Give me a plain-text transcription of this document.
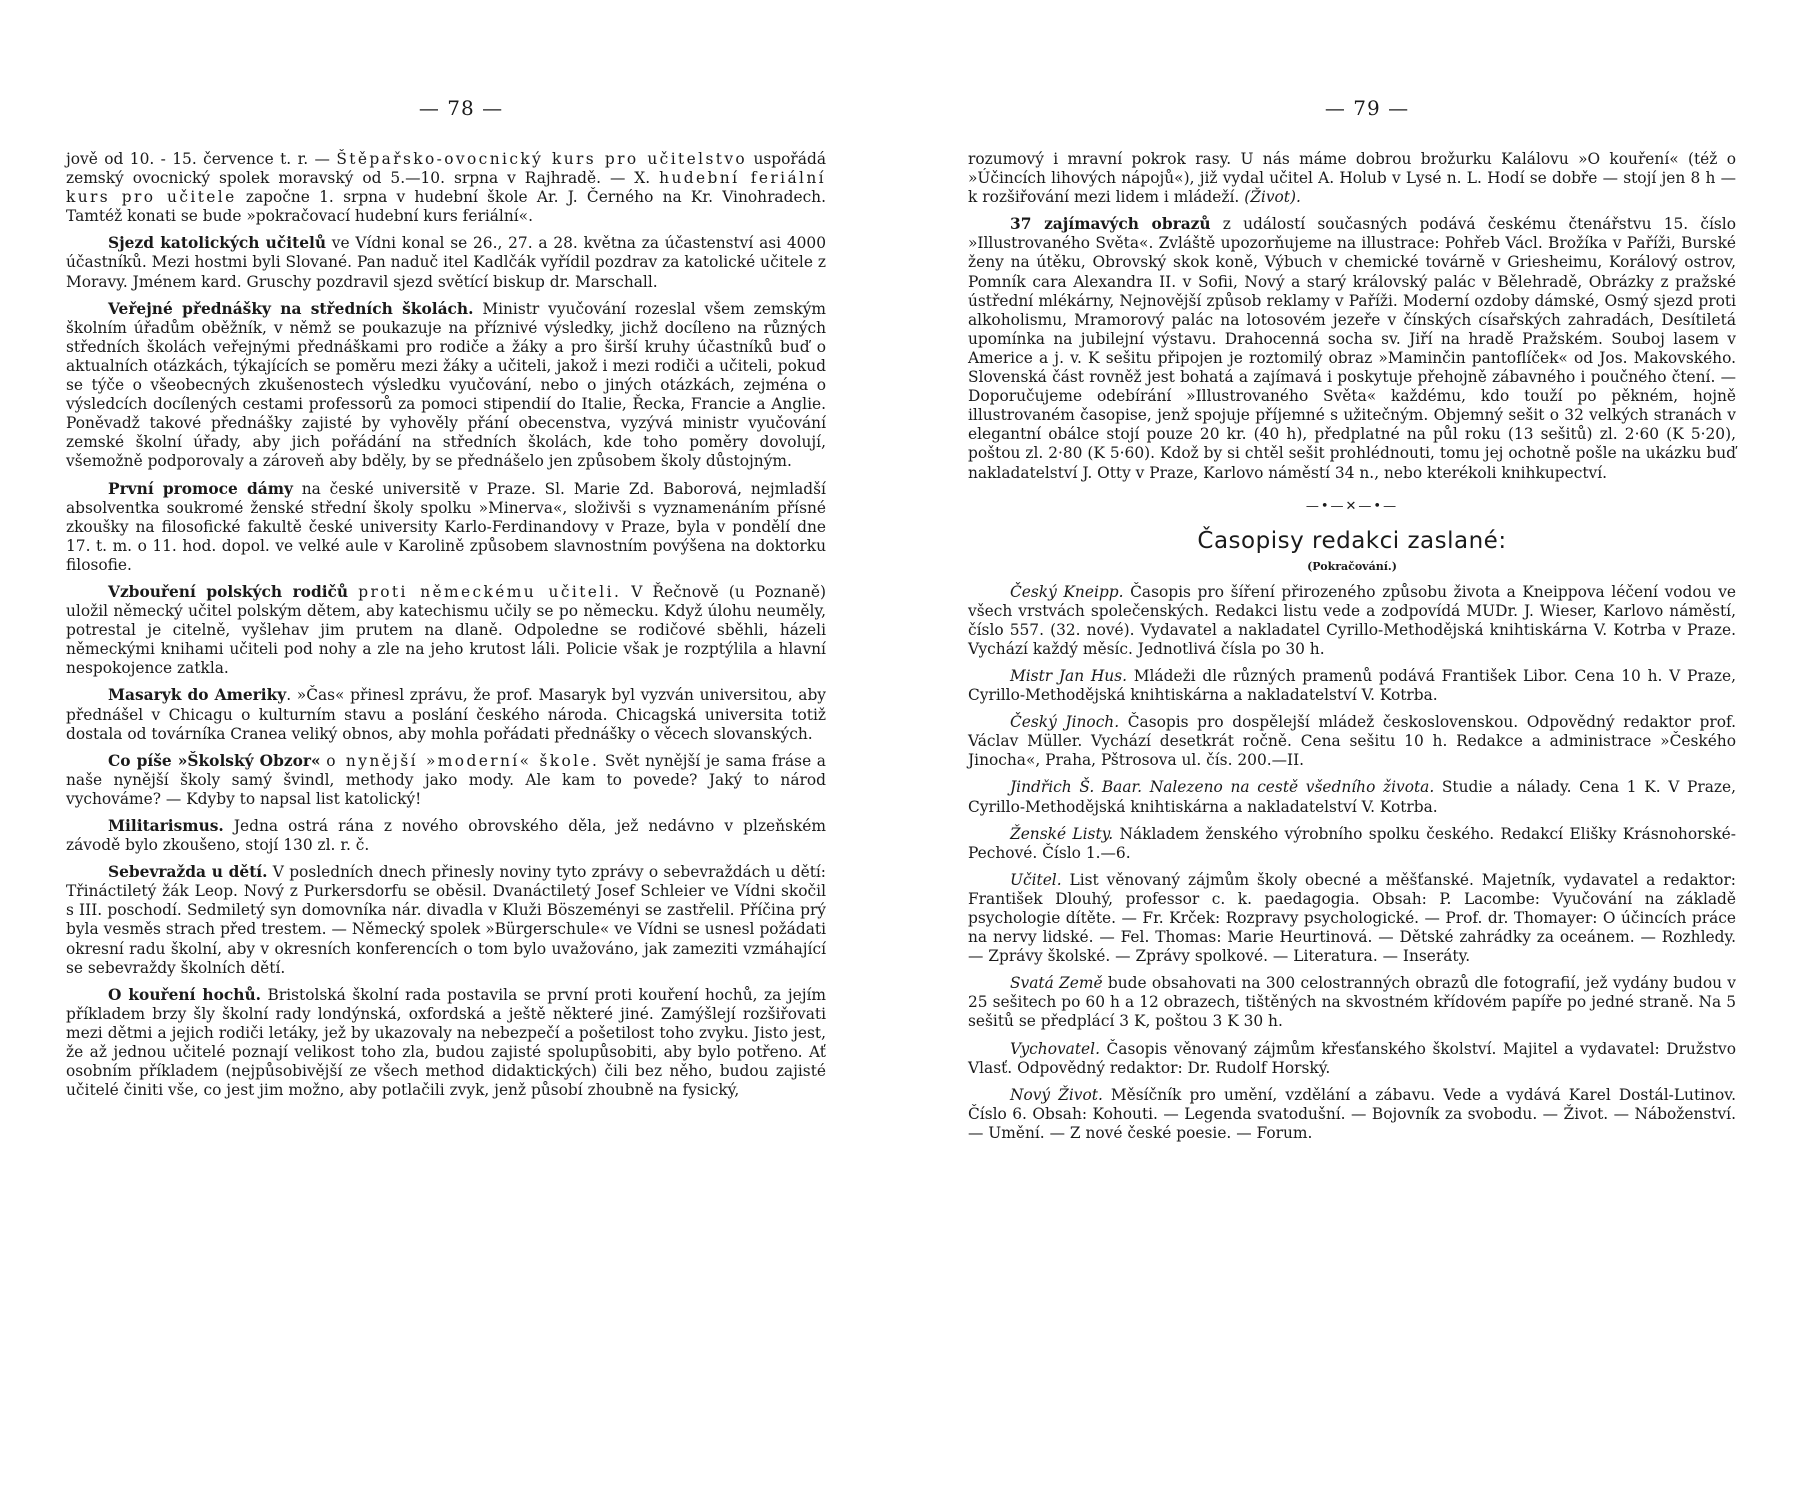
— 78 —

jově od 10. - 15. července t. r. — Štěpařsko-ovocnický kurs pro učitelstvo uspořádá zemský ovocnický spolek moravský od 5.—10. srpna v Rajhradě. — X. hudební feriální kurs pro učitele započne 1. srpna v hudební škole Ar. J. Černého na Kr. Vinohradech. Tamtéž konati se bude »pokračovací hudební kurs feriální«.

Sjezd katolických učitelů ve Vídni konal se 26., 27. a 28. května za účastenství asi 4000 účastníků. Mezi hostmi byli Slované. Pan naduč itel Kadlčák vyřídil pozdrav za katolické učitele z Moravy. Jménem kard. Gruschy pozdravil sjezd světící biskup dr. Marschall.

Veřejné přednášky na středních školách. Ministr vyučování rozeslal všem zemským školním úřadům oběžník, v němž se poukazuje na příznivé výsledky, jichž docíleno na různých středních školách veřejnými přednáškami pro rodiče a žáky a pro širší kruhy účastníků buď o aktualních otázkách, týkajících se poměru mezi žáky a učiteli, jakož i mezi rodiči a učiteli, pokud se týče o všeobecných zkušenostech výsledku vyučování, nebo o jiných otázkách, zejména o výsledcích docílených cestami professorů za pomoci stipendií do Italie, Řecka, Francie a Anglie. Poněvadž takové přednášky zajisté by vyhověly přání obecenstva, vyzývá ministr vyučování zemské školní úřady, aby jich pořádání na středních školách, kde toho poměry dovolují, všemožně podporovaly a zároveň aby bděly, by se přednášelo jen způsobem školy důstojným.

První promoce dámy na české universitě v Praze. Sl. Marie Zd. Baborová, nejmladší absolventka soukromé ženské střední školy spolku »Minerva«, složivši s vyznamenáním přísné zkoušky na filosofické fakultě české university Karlo-Ferdinandovy v Praze, byla v pondělí dne 17. t. m. o 11. hod. dopol. ve velké aule v Karolině způsobem slavnostním povýšena na doktorku filosofie.

Vzbouření polských rodičů proti německému učiteli. V Řečnově (u Poznaně) uložil německý učitel polským dětem, aby katechismu učily se po německu. Když úlohu neuměly, potrestal je citelně, vyšlehav jim prutem na dlaně. Odpoledne se rodičové sběhli, házeli německými knihami učiteli pod nohy a zle na jeho krutost láli. Policie však je rozptýlila a hlavní nespokojence zatkla.

Masaryk do Ameriky. »Čas« přinesl zprávu, že prof. Masaryk byl vyzván universitou, aby přednášel v Chicagu o kulturním stavu a poslání českého národa. Chicagská universita totiž dostala od továrníka Cranea veliký obnos, aby mohla pořádati přednášky o věcech slovanských.

Co píše »Školský Obzor« o nynější »moderní« škole. Svět nynější je sama fráse a naše nynější školy samý švindl, methody jako mody. Ale kam to povede? Jaký to národ vychováme? — Kdyby to napsal list katolický!

Militarismus. Jedna ostrá rána z nového obrovského děla, jež nedávno v plzeňském závodě bylo zkoušeno, stojí 130 zl. r. č.

Sebevražda u dětí. V posledních dnech přinesly noviny tyto zprávy o sebevraždách u dětí: Třináctiletý žák Leop. Nový z Purkersdorfu se oběsil. Dvanáctiletý Josef Schleier ve Vídni skočil s III. poschodí. Sedmiletý syn domovníka nár. divadla v Kluži Böszeményi se zastřelil. Příčina prý byla vesměs strach před trestem. — Německý spolek »Bürgerschule« ve Vídni se usnesl požádati okresní radu školní, aby v okresních konferencích o tom bylo uvažováno, jak zameziti vzmáhající se sebevraždy školních dětí.

O kouření hochů. Bristolská školní rada postavila se první proti kouření hochů, za jejím příkladem brzy šly školní rady londýnská, oxfordská a ještě některé jiné. Zamýšlejí rozšiřovati mezi dětmi a jejich rodiči letáky, jež by ukazovaly na nebezpečí a pošetilost toho zvyku. Jisto jest, že až jednou učitelé poznají velikost toho zla, budou zajisté spolupůsobiti, aby bylo potřeno. Ať osobním příkladem (nejpůsobivější ze všech method didaktických) čili bez něho, budou zajisté učitelé činiti vše, co jest jim možno, aby potlačili zvyk, jenž působí zhoubně na fysický,

— 79 —

rozumový i mravní pokrok rasy. U nás máme dobrou brožurku Kalálovu »O kouření« (též o »Účincích lihových nápojů«), již vydal učitel A. Holub v Lysé n. L. Hodí se dobře — stojí jen 8 h — k rozšiřování mezi lidem i mládeží. (Život).

37 zajímavých obrazů z událostí současných podává českému čtenářstvu 15. číslo »Illustrovaného Světa«. Zvláště upozorňujeme na illustrace: Pohřeb Václ. Brožíka v Paříži, Burské ženy na útěku, Obrovský skok koně, Výbuch v chemické továrně v Griesheimu, Korálový ostrov, Pomník cara Alexandra II. v Sofii, Nový a starý královský palác v Bělehradě, Obrázky z pražské ústřední mlékárny, Nejnovější způsob reklamy v Paříži. Moderní ozdoby dámské, Osmý sjezd proti alkoholismu, Mramorový palác na lotosovém jezeře v čínských císařských zahradách, Desítiletá upomínka na jubilejní výstavu. Drahocenná socha sv. Jiří na hradě Pražském. Souboj lasem v Americe a j. v. K sešitu připojen je roztomilý obraz »Maminčin pantoflíček« od Jos. Makovského. Slovenská část rovněž jest bohatá a zajímavá i poskytuje přehojně zábavného i poučného čtení. — Doporučujeme odebírání »Illustrovaného Světa« každému, kdo touží po pěkném, hojně illustrovaném časopise, jenž spojuje příjemné s užitečným. Objemný sešit o 32 velkých stranách v elegantní obálce stojí pouze 20 kr. (40 h), předplatné na půl roku (13 sešitů) zl. 2·60 (K 5·20), poštou zl. 2·80 (K 5·60). Kdož by si chtěl sešit prohlédnouti, tomu jej ochotně pošle na ukázku buď nakladatelství J. Otty v Praze, Karlovo náměstí 34 n., nebo kterékoli knihkupectví.

—•—✕—•—
Časopisy redakci zaslané:
(Pokračování.)

Český Kneipp. Časopis pro šíření přirozeného způsobu života a Kneippova léčení vodou ve všech vrstvách společenských. Redakci listu vede a zodpovídá MUDr. J. Wieser, Karlovo náměstí, číslo 557. (32. nové). Vydavatel a nakladatel Cyrillo-Methodějská knihtiskárna V. Kotrba v Praze. Vychází každý měsíc. Jednotlivá čísla po 30 h.

Mistr Jan Hus. Mládeži dle různých pramenů podává František Libor. Cena 10 h. V Praze, Cyrillo-Methodějská knihtiskárna a nakladatelství V. Kotrba.

Český Jinoch. Časopis pro dospělejší mládež československou. Odpovědný redaktor prof. Václav Müller. Vychází desetkrát ročně. Cena sešitu 10 h. Redakce a administrace »Českého Jinocha«, Praha, Pštrosova ul. čís. 200.—II.

Jindřich Š. Baar. Nalezeno na cestě všedního života. Studie a nálady. Cena 1 K. V Praze, Cyrillo-Methodějská knihtiskárna a nakladatelství V. Kotrba.

Ženské Listy. Nákladem ženského výrobního spolku českého. Redakcí Elišky Krásnohorské-Pechové. Číslo 1.—6.

Učitel. List věnovaný zájmům školy obecné a měšťanské. Majetník, vydavatel a redaktor: František Dlouhý, professor c. k. paedagogia. Obsah: P. Lacombe: Vyučování na základě psychologie dítěte. — Fr. Krček: Rozpravy psychologické. — Prof. dr. Thomayer: O účincích práce na nervy lidské. — Fel. Thomas: Marie Heurtinová. — Dětské zahrádky za oceánem. — Rozhledy. — Zprávy školské. — Zprávy spolkové. — Literatura. — Inseráty.

Svatá Země bude obsahovati na 300 celostranných obrazů dle fotografií, jež vydány budou v 25 sešitech po 60 h a 12 obrazech, tištěných na skvostném křídovém papíře po jedné straně. Na 5 sešitů se předplácí 3 K, poštou 3 K 30 h.

Vychovatel. Časopis věnovaný zájmům křesťanského školství. Majitel a vydavatel: Družstvo Vlasť. Odpovědný redaktor: Dr. Rudolf Horský.

Nový Život. Měsíčník pro umění, vzdělání a zábavu. Vede a vydává Karel Dostál-Lutinov. Číslo 6. Obsah: Kohouti. — Legenda svatodušní. — Bojovník za svobodu. — Život. — Náboženství. — Umění. — Z nové české poesie. — Forum.
